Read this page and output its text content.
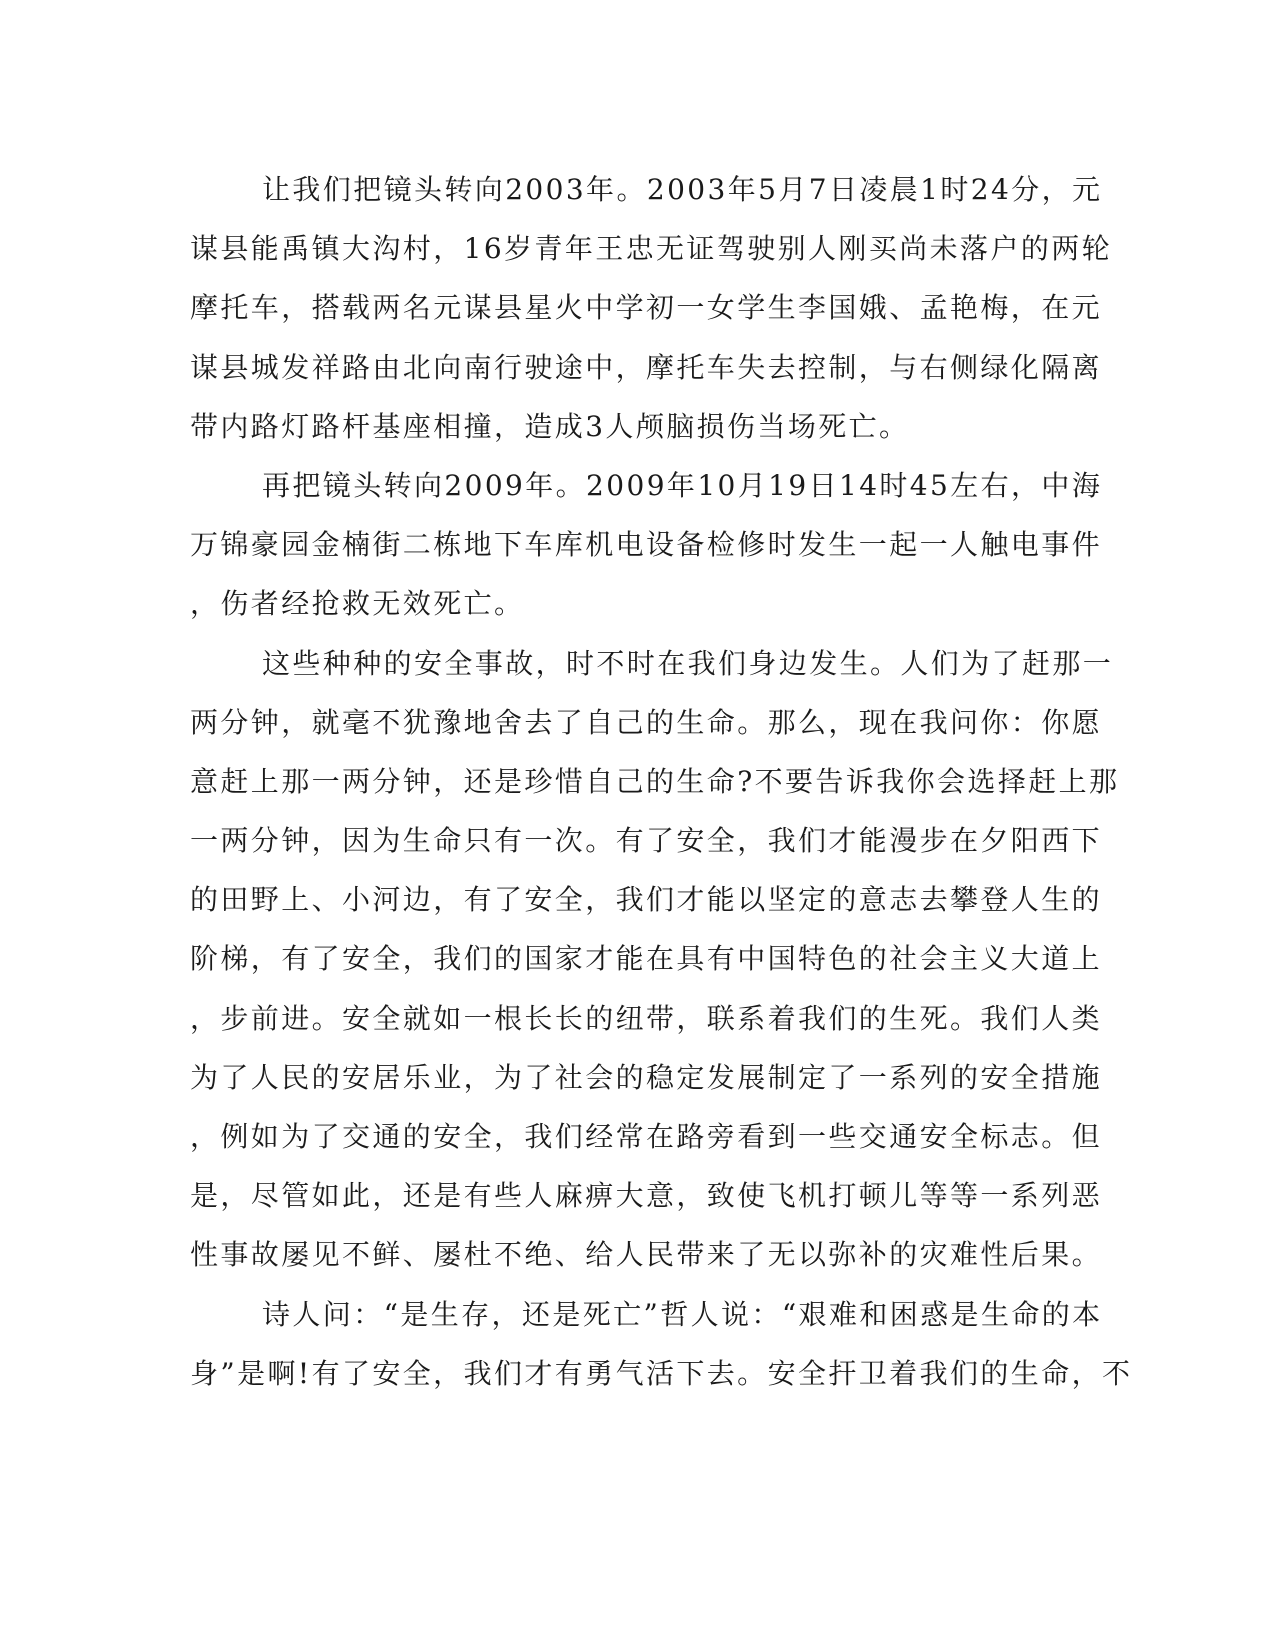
让我们把镜头转向2003年。2003年5月7日凌晨1时24分，元
谋县能禹镇大沟村，16岁青年王忠无证驾驶别人刚买尚未落户的两轮
摩托车，搭载两名元谋县星火中学初一女学生李国娥、孟艳梅，在元
谋县城发祥路由北向南行驶途中，摩托车失去控制，与右侧绿化隔离
带内路灯路杆基座相撞，造成3人颅脑损伤当场死亡。
再把镜头转向2009年。2009年10月19日14时45左右，中海
万锦豪园金楠街二栋地下车库机电设备检修时发生一起一人触电事件
，伤者经抢救无效死亡。
这些种种的安全事故，时不时在我们身边发生。人们为了赶那一
两分钟，就毫不犹豫地舍去了自己的生命。那么，现在我问你：你愿
意赶上那一两分钟，还是珍惜自己的生命?不要告诉我你会选择赶上那
一两分钟，因为生命只有一次。有了安全，我们才能漫步在夕阳西下
的田野上、小河边，有了安全，我们才能以坚定的意志去攀登人生的
阶梯，有了安全，我们的国家才能在具有中国特色的社会主义大道上
，步前进。安全就如一根长长的纽带，联系着我们的生死。我们人类
为了人民的安居乐业，为了社会的稳定发展制定了一系列的安全措施
，例如为了交通的安全，我们经常在路旁看到一些交通安全标志。但
是，尽管如此，还是有些人麻痹大意，致使飞机打顿儿等等一系列恶
性事故屡见不鲜、屡杜不绝、给人民带来了无以弥补的灾难性后果。
诗人问：“是生存，还是死亡”哲人说：“艰难和困惑是生命的本
身”是啊!有了安全，我们才有勇气活下去。安全扞卫着我们的生命，不
